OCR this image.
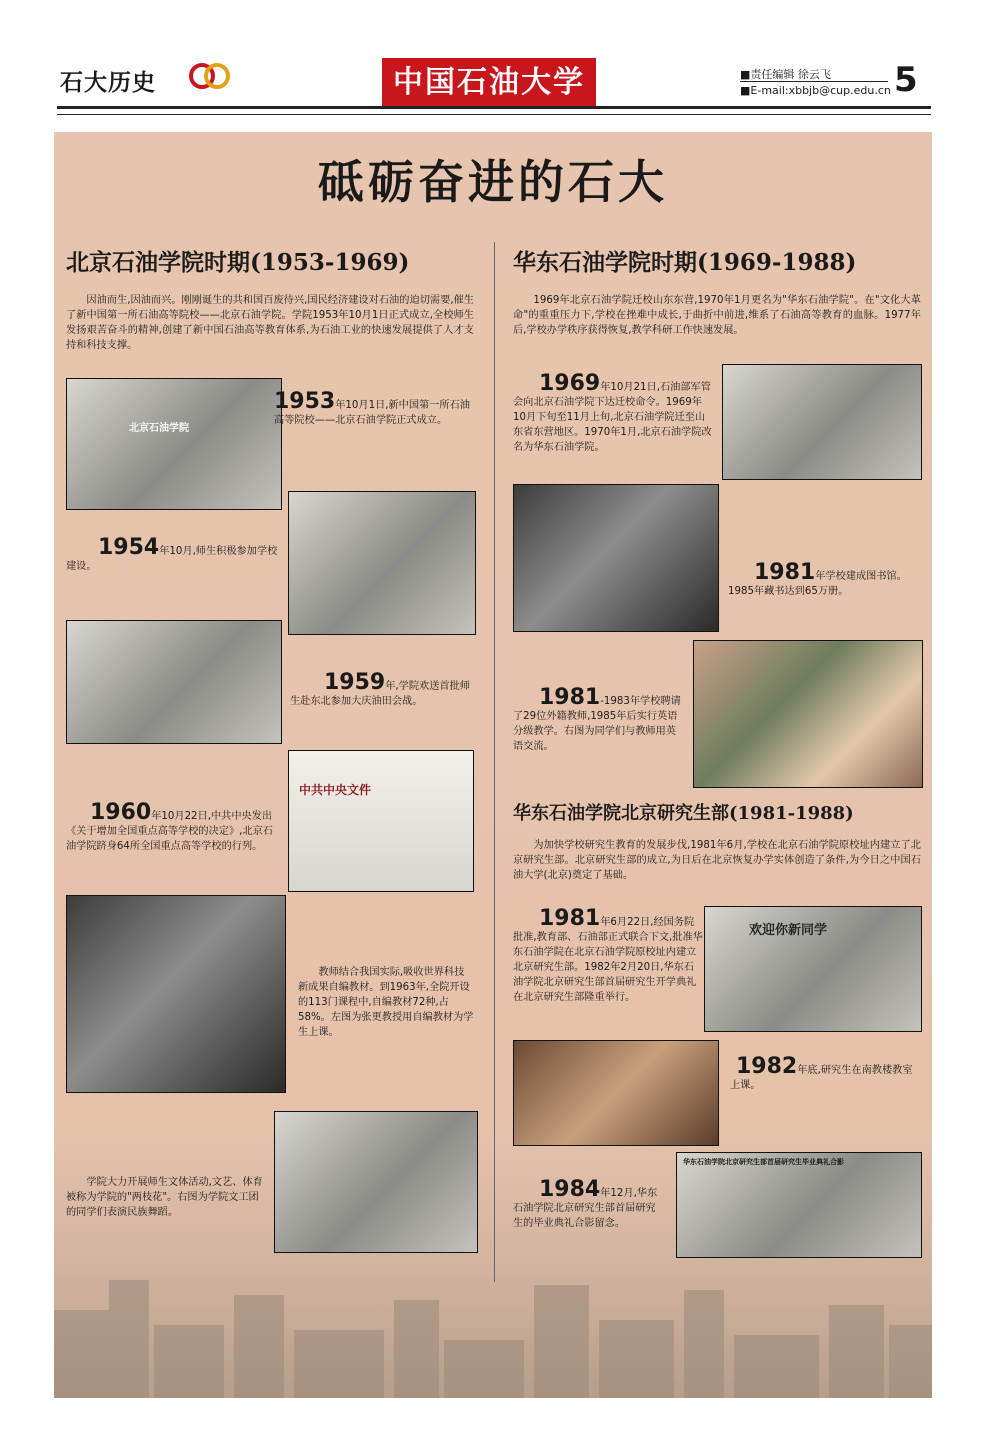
石大历史	中国石油大学	■责任编辑 徐云飞
■E-mail:xbbjb@cup.edu.cn 5
砥砺奋进的石大
北京石油学院时期(1953-1969)
因油而生,因油而兴。刚刚诞生的共和国百废待兴,国民经济建设对石油的迫切需要,催生了新中国第一所石油高等院校——北京石油学院。学院1953年10月1日正式成立,全校师生发扬艰苦奋斗的精神,创建了新中国石油高等教育体系,为石油工业的快速发展提供了人才支持和科技支撑。
北京石油学院
1953年10月1日,新中国第一所石油高等院校——北京石油学院正式成立。
1954年10月,师生积极参加学校建设。
1959年,学院欢送首批师生赴东北参加大庆油田会战。
中共中央文件
1960年10月22日,中共中央发出《关于增加全国重点高等学校的决定》,北京石油学院跻身64所全国重点高等学校的行列。
教师结合我国实际,吸收世界科技新成果自编教材。到1963年,全院开设的113门课程中,自编教材72种,占58%。左图为张更教授用自编教材为学生上课。
学院大力开展师生文体活动,文艺、体育被称为学院的"两枝花"。右图为学院文工团的同学们表演民族舞蹈。
华东石油学院时期(1969-1988)
1969年北京石油学院迁校山东东营,1970年1月更名为"华东石油学院"。在"文化大革命"的重重压力下,学校在挫难中成长,于曲折中前进,维系了石油高等教育的血脉。1977年后,学校办学秩序获得恢复,教学科研工作快速发展。
1969年10月21日,石油部军管会向北京石油学院下达迁校命令。1969年10月下旬至11月上旬,北京石油学院迁至山东省东营地区。1970年1月,北京石油学院改名为华东石油学院。
1981年学校建成图书馆。1985年藏书达到65万册。
1981-1983年学校聘请了29位外籍教师,1985年后实行英语分级教学。右图为同学们与教师用英语交流。
华东石油学院北京研究生部(1981-1988)
为加快学校研究生教育的发展步伐,1981年6月,学校在北京石油学院原校址内建立了北京研究生部。北京研究生部的成立,为日后在北京恢复办学实体创造了条件,为今日之中国石油大学(北京)奠定了基础。
1981年6月22日,经国务院批准,教育部、石油部正式联合下文,批准华东石油学院在北京石油学院原校址内建立北京研究生部。1982年2月20日,华东石油学院北京研究生部首届研究生开学典礼在北京研究生部隆重举行。
欢迎你新同学
1982年底,研究生在南教楼教室上课。
1984年12月,华东石油学院北京研究生部首届研究生的毕业典礼合影留念。
华东石油学院北京研究生部首届研究生毕业典礼合影
